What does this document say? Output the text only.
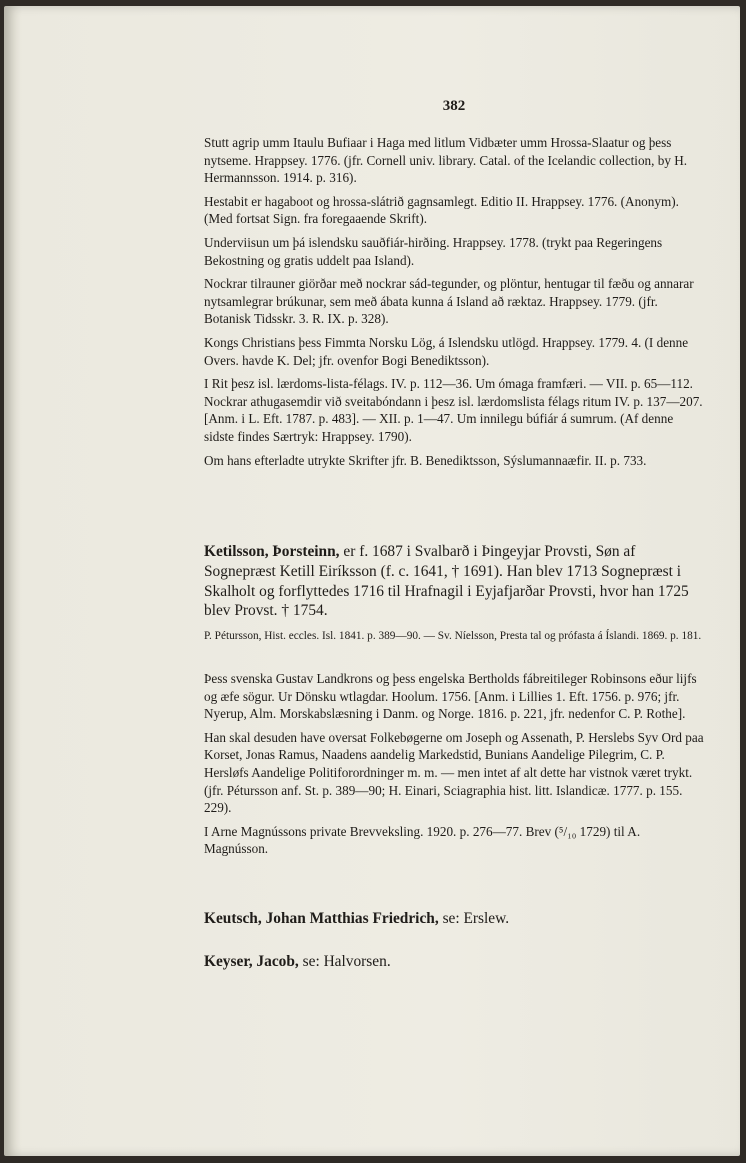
382

Stutt agrip umm Itaulu Bufiaar i Haga med litlum Vidbæter umm Hrossa-Slaatur og þess nytseme. Hrappsey. 1776. (jfr. Cornell univ. library. Catal. of the Icelandic collection, by H. Hermannsson. 1914. p. 316).

Hestabit er hagaboot og hrossa-slátrið gagnsamlegt. Editio II. Hrappsey. 1776. (Anonym). (Med fortsat Sign. fra foregaaende Skrift).

Underviisun um þá islendsku sauðfiár-hirðing. Hrappsey. 1778. (trykt paa Regeringens Bekostning og gratis uddelt paa Island).

Nockrar tilrauner giörðar með nockrar sád-tegunder, og plöntur, hentugar til fæðu og annarar nytsamlegrar brúkunar, sem með ábata kunna á Island að ræktaz. Hrappsey. 1779. (jfr. Botanisk Tidsskr. 3. R. IX. p. 328).

Kongs Christians þess Fimmta Norsku Lög, á Islendsku utlögd. Hrappsey. 1779. 4. (I denne Overs. havde K. Del; jfr. ovenfor Bogi Benediktsson).

I Rit þesz isl. lærdoms-lista-félags. IV. p. 112—36. Um ómaga framfæri. — VII. p. 65—112. Nockrar athugasemdir við sveitabóndann i þesz isl. lærdomslista félags ritum IV. p. 137—207. [Anm. i L. Eft. 1787. p. 483]. — XII. p. 1—47. Um innilegu búfiár á sumrum. (Af denne sidste findes Særtryk: Hrappsey. 1790).

Om hans efterladte utrykte Skrifter jfr. B. Benediktsson, Sýslumannaæfir. II. p. 733.

Ketilsson, Þorsteinn, er f. 1687 i Svalbarð i Þingeyjar Provsti, Søn af Sognepræst Ketill Eiríksson (f. c. 1641, † 1691). Han blev 1713 Sognepræst i Skalholt og forflyttedes 1716 til Hrafnagil i Eyjafjarðar Provsti, hvor han 1725 blev Provst. † 1754.

P. Pétursson, Hist. eccles. Isl. 1841. p. 389—90. — Sv. Níelsson, Presta tal og prófasta á Íslandi. 1869. p. 181.

Þess svenska Gustav Landkrons og þess engelska Bertholds fábreitileger Robinsons eður lijfs og æfe sögur. Ur Dönsku wtlagdar. Hoolum. 1756. [Anm. i Lillies 1. Eft. 1756. p. 976; jfr. Nyerup, Alm. Morskabslæsning i Danm. og Norge. 1816. p. 221, jfr. nedenfor C. P. Rothe].

Han skal desuden have oversat Folkebøgerne om Joseph og Assenath, P. Herslebs Syv Ord paa Korset, Jonas Ramus, Naadens aandelig Markedstid, Bunians Aandelige Pilegrim, C. P. Hersløfs Aandelige Politiforordninger m. m. — men intet af alt dette har vistnok været trykt. (jfr. Pétursson anf. St. p. 389—90; H. Einari, Sciagraphia hist. litt. Islandicæ. 1777. p. 155. 229).

I Arne Magnússons private Brevveksling. 1920. p. 276—77. Brev (⁵/₁₀ 1729) til A. Magnússon.

Keutsch, Johan Matthias Friedrich, se: Erslew.

Keyser, Jacob, se: Halvorsen.
